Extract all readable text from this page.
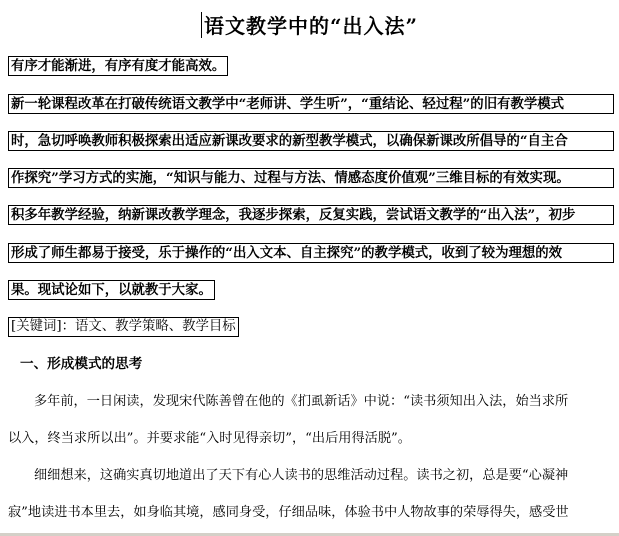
语文教学中的“出入法”
有序才能渐进，有序有度才能高效。
新一轮课程改革在打破传统语文教学中“老师讲、学生听”，“重结论、轻过程”的旧有教学模式
时，急切呼唤教师积极探索出适应新课改要求的新型教学模式，以确保新课改所倡导的“自主合
作探究”学习方式的实施，“知识与能力、过程与方法、情感态度价值观”三维目标的有效实现。
积多年教学经验，纳新课改教学理念，我逐步探索，反复实践，尝试语文教学的“出入法”，初步
形成了师生都易于接受，乐于操作的“出入文本、自主探究”的教学模式，收到了较为理想的效
果。现试论如下，以就教于大家。
[关键词]：语文、教学策略、教学目标
一、形成模式的思考
多年前，一日闲读，发现宋代陈善曾在他的《扪虱新话》中说：“读书须知出入法，始当求所
以入，终当求所以出”。并要求能“入时见得亲切”，“出后用得活脱”。
细细想来，这确实真切地道出了天下有心人读书的思维活动过程。读书之初，总是要“心凝神
寂”地读进书本里去，如身临其境，感同身受，仔细品味，体验书中人物故事的荣辱得失，感受世
